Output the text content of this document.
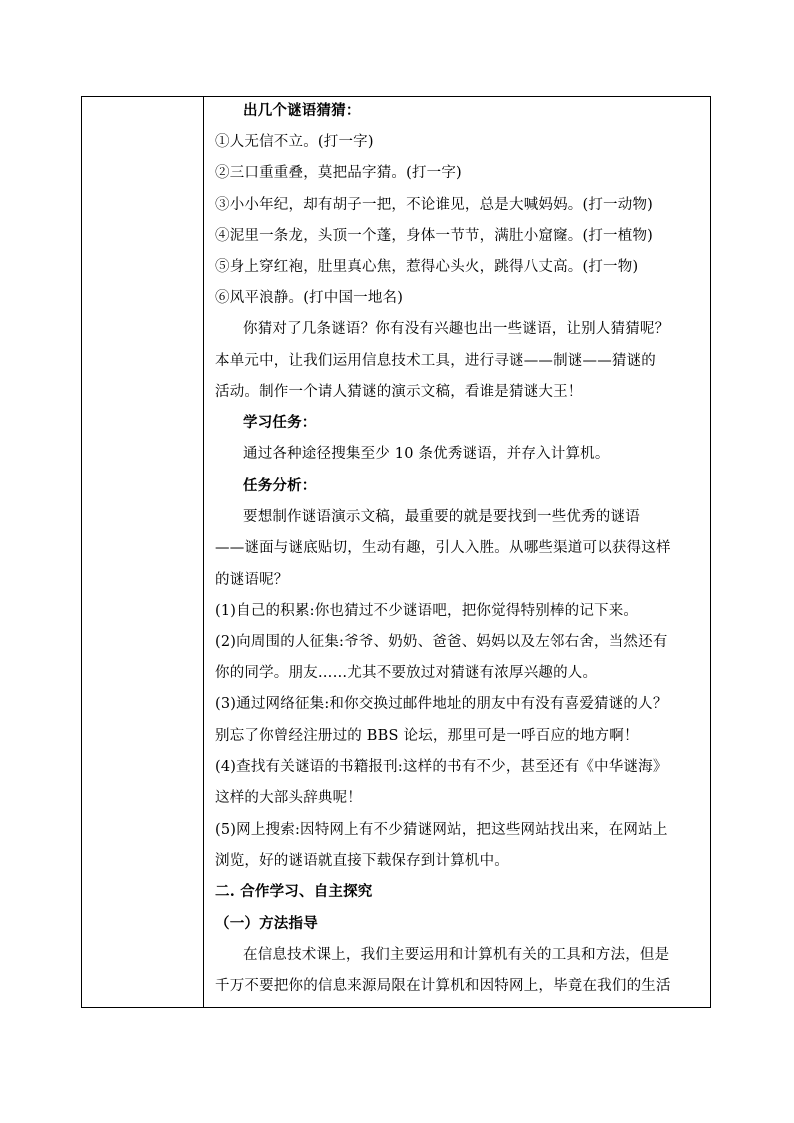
出几个谜语猜猜：
①人无信不立。(打一字)
②三口重重叠，莫把品字猜。(打一字)
③小小年纪，却有胡子一把，不论谁见，总是大喊妈妈。(打一动物)
④泥里一条龙，头顶一个蓬，身体一节节，满肚小窟窿。(打一植物)
⑤身上穿红袍，肚里真心焦，惹得心头火，跳得八丈高。(打一物)
⑥风平浪静。(打中国一地名)
你猜对了几条谜语？你有没有兴趣也出一些谜语，让别人猜猜呢？
本单元中，让我们运用信息技术工具，进行寻谜——制谜——猜谜的
活动。制作一个请人猜谜的演示文稿，看谁是猜谜大王！
学习任务：
通过各种途径搜集至少 10 条优秀谜语，并存入计算机。
任务分析：
要想制作谜语演示文稿，最重要的就是要找到一些优秀的谜语
——谜面与谜底贴切，生动有趣，引人入胜。从哪些渠道可以获得这样
的谜语呢？
(1)自己的积累:你也猜过不少谜语吧，把你觉得特别棒的记下来。
(2)向周围的人征集:爷爷、奶奶、爸爸、妈妈以及左邻右舍，当然还有
你的同学。朋友……尤其不要放过对猜谜有浓厚兴趣的人。
(3)通过网络征集:和你交换过邮件地址的朋友中有没有喜爱猜谜的人？
别忘了你曾经注册过的 BBS 论坛，那里可是一呼百应的地方啊！
(4)查找有关谜语的书籍报刊:这样的书有不少，甚至还有《中华谜海》
这样的大部头辞典呢！
(5)网上搜索:因特网上有不少猜谜网站，把这些网站找出来，在网站上
浏览，好的谜语就直接下载保存到计算机中。
二. 合作学习、自主探究
（一）方法指导
在信息技术课上，我们主要运用和计算机有关的工具和方法，但是
千万不要把你的信息来源局限在计算机和因特网上，毕竟在我们的生活
